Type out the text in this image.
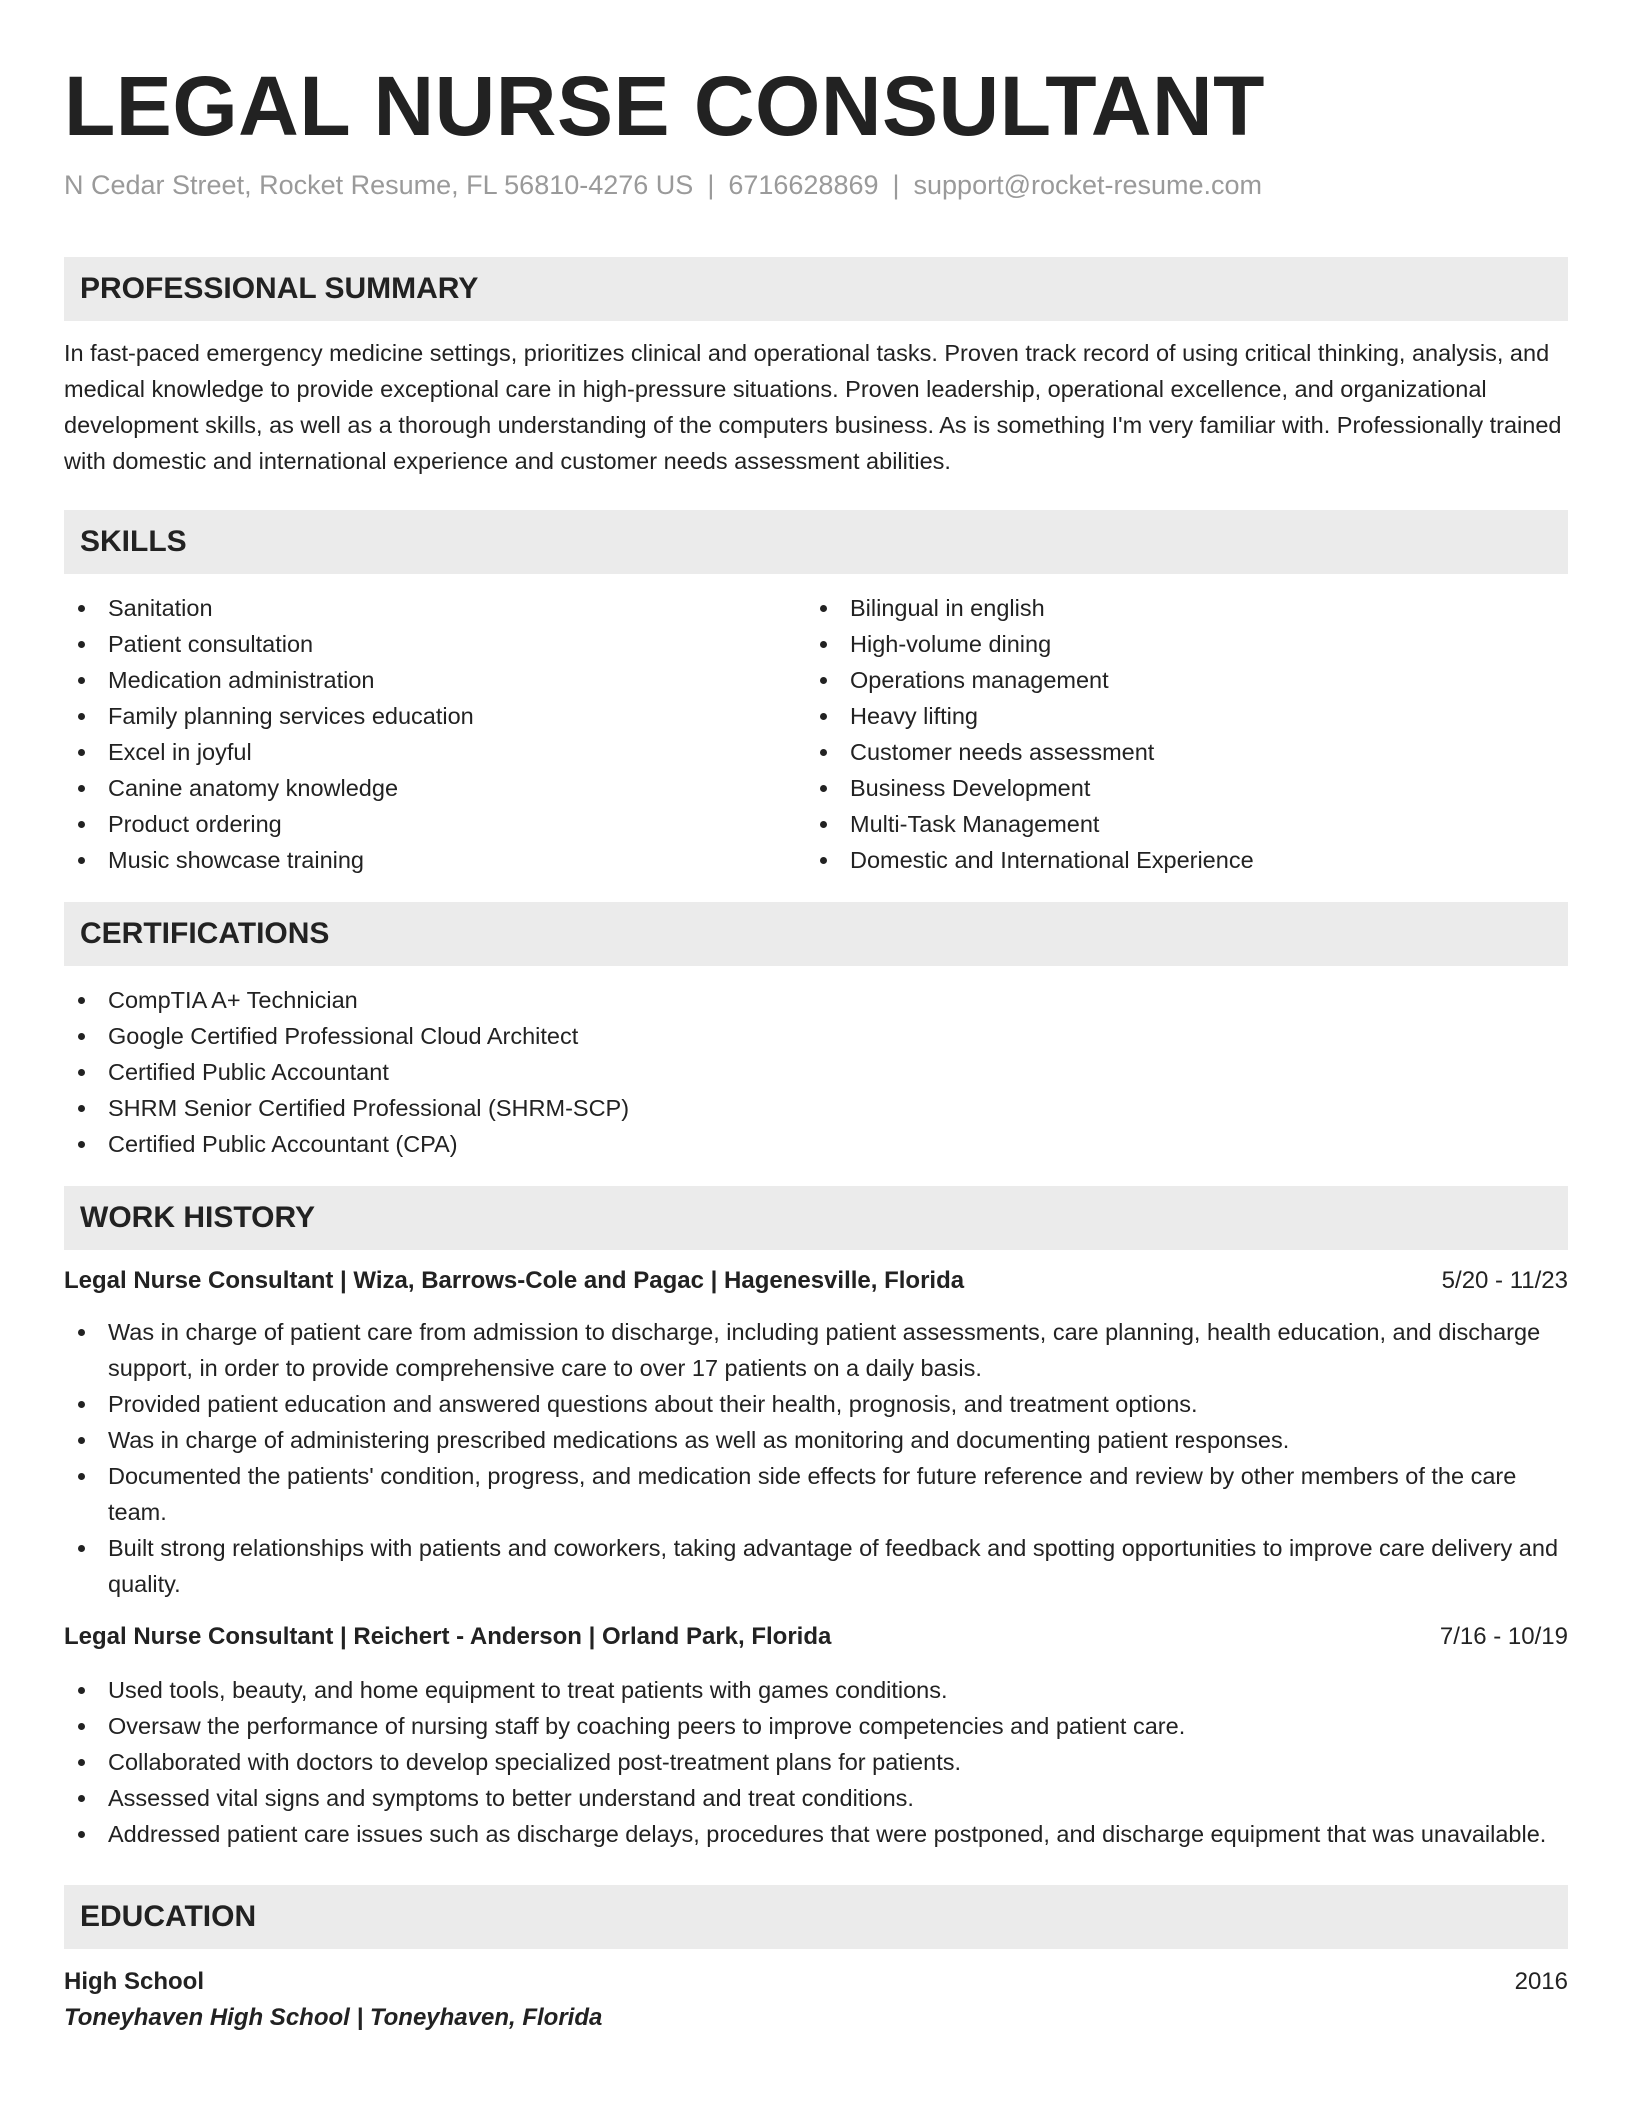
LEGAL NURSE CONSULTANT
N Cedar Street, Rocket Resume, FL 56810-4276 US | 6716628869 | support@rocket-resume.com
PROFESSIONAL SUMMARY
In fast-paced emergency medicine settings, prioritizes clinical and operational tasks. Proven track record of using critical thinking, analysis, and medical knowledge to provide exceptional care in high-pressure situations. Proven leadership, operational excellence, and organizational development skills, as well as a thorough understanding of the computers business. As is something I'm very familiar with. Professionally trained with domestic and international experience and customer needs assessment abilities.
SKILLS
Sanitation
Patient consultation
Medication administration
Family planning services education
Excel in joyful
Canine anatomy knowledge
Product ordering
Music showcase training
Bilingual in english
High-volume dining
Operations management
Heavy lifting
Customer needs assessment
Business Development
Multi-Task Management
Domestic and International Experience
CERTIFICATIONS
CompTIA A+ Technician
Google Certified Professional Cloud Architect
Certified Public Accountant
SHRM Senior Certified Professional (SHRM-SCP)
Certified Public Accountant (CPA)
WORK HISTORY
Legal Nurse Consultant | Wiza, Barrows-Cole and Pagac | Hagenesville, Florida	5/20 - 11/23
Was in charge of patient care from admission to discharge, including patient assessments, care planning, health education, and discharge support, in order to provide comprehensive care to over 17 patients on a daily basis.
Provided patient education and answered questions about their health, prognosis, and treatment options.
Was in charge of administering prescribed medications as well as monitoring and documenting patient responses.
Documented the patients' condition, progress, and medication side effects for future reference and review by other members of the care team.
Built strong relationships with patients and coworkers, taking advantage of feedback and spotting opportunities to improve care delivery and quality.
Legal Nurse Consultant | Reichert - Anderson | Orland Park, Florida	7/16 - 10/19
Used tools, beauty, and home equipment to treat patients with games conditions.
Oversaw the performance of nursing staff by coaching peers to improve competencies and patient care.
Collaborated with doctors to develop specialized post-treatment plans for patients.
Assessed vital signs and symptoms to better understand and treat conditions.
Addressed patient care issues such as discharge delays, procedures that were postponed, and discharge equipment that was unavailable.
EDUCATION
High School	2016
Toneyhaven High School | Toneyhaven, Florida
